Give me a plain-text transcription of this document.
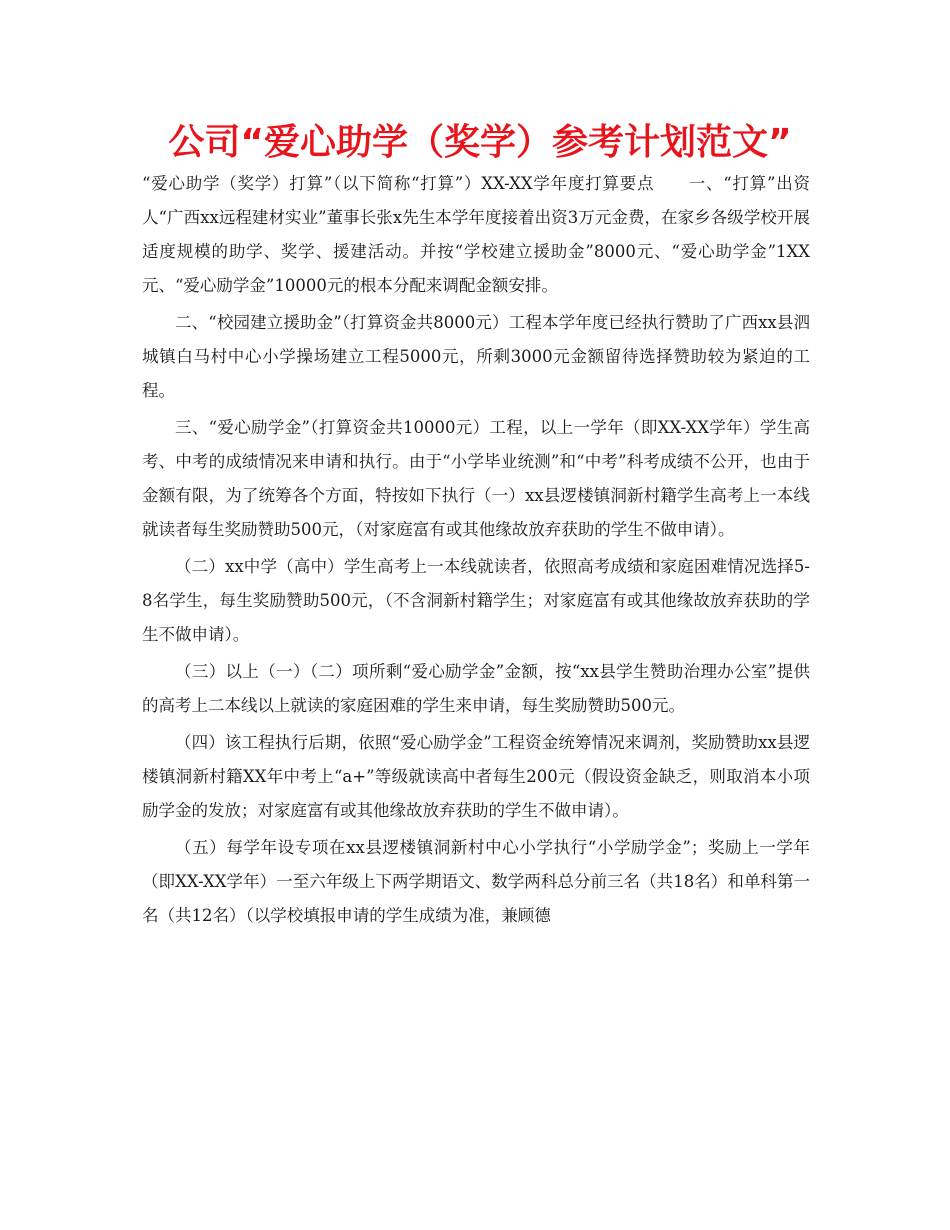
公司“爱心助学（奖学）参考计划范文”

“爱心助学（奖学）打算”（以下简称“打算”）XX-XX学年度打算要点　　一、“打算”出资人“广西xx远程建材实业”董事长张x先生本学年度接着出资3万元金费，在家乡各级学校开展适度规模的助学、奖学、援建活动。并按“学校建立援助金”8000元、“爱心助学金”1XX元、“爱心励学金”10000元的根本分配来调配金额安排。

二、“校园建立援助金”（打算资金共8000元）工程本学年度已经执行赞助了广西xx县泗城镇白马村中心小学操场建立工程5000元，所剩3000元金额留待选择赞助较为紧迫的工程。

三、“爱心励学金”（打算资金共10000元）工程，以上一学年（即XX-XX学年）学生高考、中考的成绩情况来申请和执行。由于“小学毕业统测”和“中考”科考成绩不公开，也由于金额有限，为了统筹各个方面，特按如下执行（一）xx县逻楼镇洞新村籍学生高考上一本线就读者每生奖励赞助500元，（对家庭富有或其他缘故放弃获助的学生不做申请）。

（二）xx中学（高中）学生高考上一本线就读者，依照高考成绩和家庭困难情况选择5-8名学生，每生奖励赞助500元，（不含洞新村籍学生；对家庭富有或其他缘故放弃获助的学生不做申请）。

（三）以上（一）（二）项所剩“爱心励学金”金额，按“xx县学生赞助治理办公室”提供的高考上二本线以上就读的家庭困难的学生来申请，每生奖励赞助500元。

（四）该工程执行后期，依照“爱心励学金”工程资金统筹情况来调剂，奖励赞助xx县逻楼镇洞新村籍XX年中考上“a+”等级就读高中者每生200元（假设资金缺乏，则取消本小项励学金的发放；对家庭富有或其他缘故放弃获助的学生不做申请）。

（五）每学年设专项在xx县逻楼镇洞新村中心小学执行“小学励学金”；奖励上一学年（即XX-XX学年）一至六年级上下两学期语文、数学两科总分前三名（共18名）和单科第一名（共12名）（以学校填报申请的学生成绩为准，兼顾德
